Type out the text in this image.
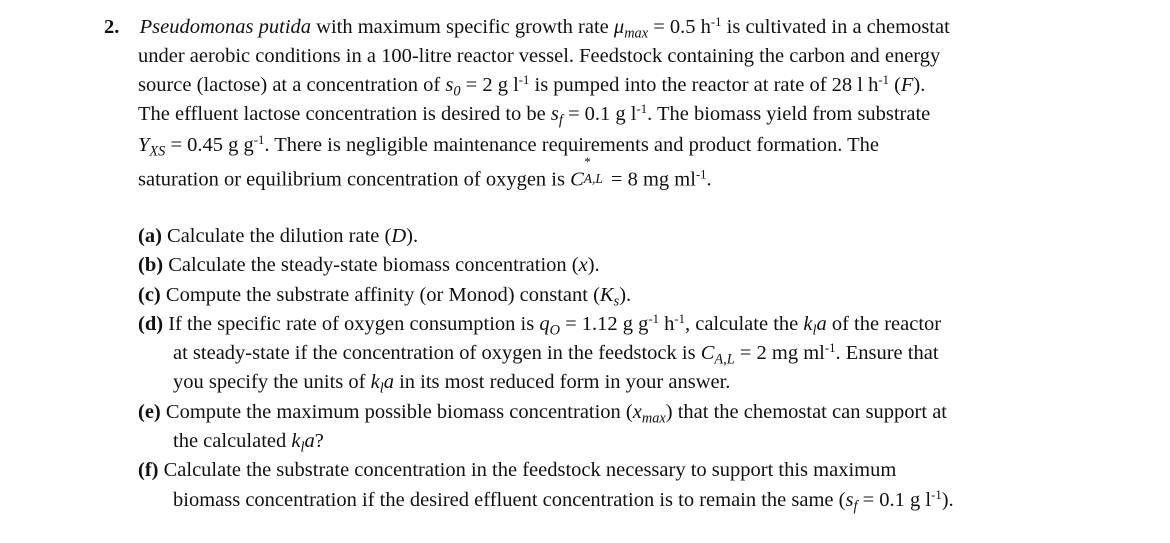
2. Pseudomonas putida with maximum specific growth rate $\mu_{max} = 0.5$ $h^{-1}$ is cultivated in a chemostat
under aerobic conditions in a 100-litre reactor vessel. Feedstock containing the carbon and energy
source (lactose) at a concentration of $s_0 = 2$ g $l^{-1}$ is pumped into the reactor at rate of 28 l $h^{-1}$ (F).
The effluent lactose concentration is desired to be $s_f = 0.1$ g $l^{-1}$. The biomass yield from substrate
$Y_{XS} = 0.45$ g $g^{-1}$. There is negligible maintenance requirements and product formation. The
saturation or equilibrium concentration of oxygen is C
*
A,L = 8 mg $ml^{-1}$.
(a) Calculate the dilution rate (D).
(b) Calculate the steady-state biomass concentration (x).
(c) Compute the substrate affinity (or Monod) constant $(K_s)$.
(d) If the specific rate of oxygen consumption is $q_O = 1.12$ g $g^{-1}$ $h^{-1}$, calculate the $k_la$ of the reactor
at steady-state if the concentration of oxygen in the feedstock is $C_{A,L} = 2$ mg $ml^{-1}$. Ensure that
you specify the units of $k_la$ in its most reduced form in your answer.
(e) Compute the maximum possible biomass concentration $(x_{max})$ that the chemostat can support at
the calculated $k_la$?
(f) Calculate the substrate concentration in the feedstock necessary to support this maximum
biomass concentration if the desired effluent concentration is to remain the same ($s_f = 0.1$ g $l^{-1}$).
